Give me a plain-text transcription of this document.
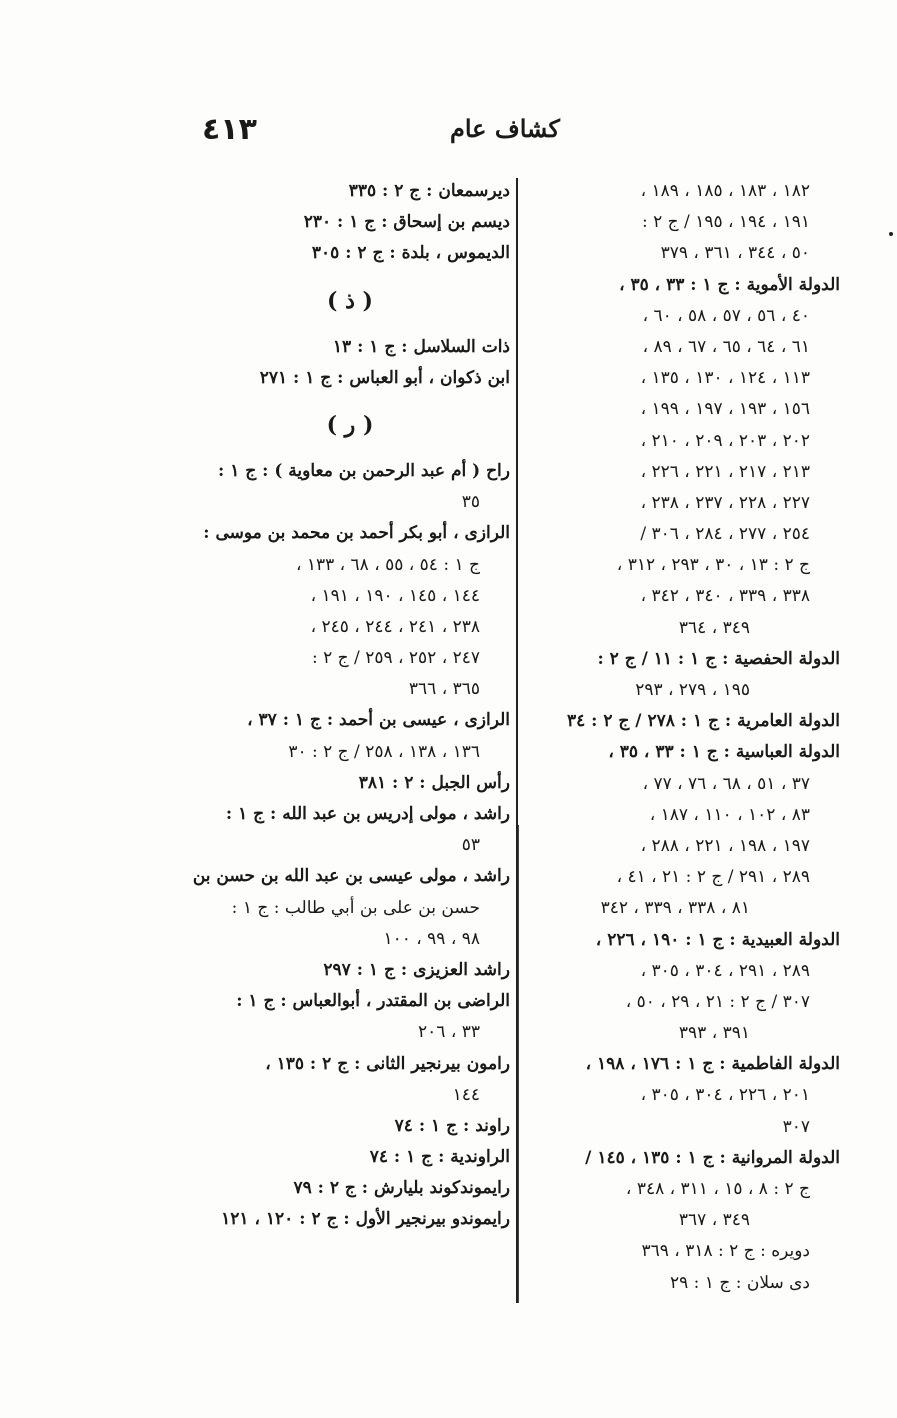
٤١٣	كشاف عام
١٨٢ ، ١٨٣ ، ١٨٥ ، ١٨٩ ،
١٩١ ، ١٩٤ ، ١٩٥ / ج ٢ :
٥٠ ، ٣٤٤ ، ٣٦١ ، ٣٧٩
الدولة الأموية : ج ١ : ٣٣ ، ٣٥ ،
٤٠ ، ٥٦ ، ٥٧ ، ٥٨ ، ٦٠ ،
٦١ ، ٦٤ ، ٦٥ ، ٦٧ ، ٨٩ ،
١١٣ ، ١٢٤ ، ١٣٠ ، ١٣٥ ،
١٥٦ ، ١٩٣ ، ١٩٧ ، ١٩٩ ،
٢٠٢ ، ٢٠٣ ، ٢٠٩ ، ٢١٠ ،
٢١٣ ، ٢١٧ ، ٢٢١ ، ٢٢٦ ،
٢٢٧ ، ٢٢٨ ، ٢٣٧ ، ٢٣٨ ،
٢٥٤ ، ٢٧٧ ، ٢٨٤ ، ٣٠٦ /
ج ٢ : ١٣ ، ٣٠ ، ٢٩٣ ، ٣١٢ ،
٣٣٨ ، ٣٣٩ ، ٣٤٠ ، ٣٤٢ ،
٣٤٩ ، ٣٦٤
الدولة الحفصية : ج ١ : ١١ / ج ٢ :
١٩٥ ، ٢٧٩ ، ٢٩٣
الدولة العامرية : ج ١ : ٢٧٨ / ج ٢ : ٣٤
الدولة العباسية : ج ١ : ٣٣ ، ٣٥ ،
٣٧ ، ٥١ ، ٦٨ ، ٧٦ ، ٧٧ ،
٨٣ ، ١٠٢ ، ١١٠ ، ١٨٧ ،
١٩٧ ، ١٩٨ ، ٢٢١ ، ٢٨٨ ،
٢٨٩ ، ٢٩١ / ج ٢ : ٢١ ، ٤١ ،
٨١ ، ٣٣٨ ، ٣٣٩ ، ٣٤٢
الدولة العبيدية : ج ١ : ١٩٠ ، ٢٢٦ ،
٢٨٩ ، ٢٩١ ، ٣٠٤ ، ٣٠٥ ،
٣٠٧ / ج ٢ : ٢١ ، ٢٩ ، ٥٠ ،
٣٩١ ، ٣٩٣
الدولة الفاطمية : ج ١ : ١٧٦ ، ١٩٨ ،
٢٠١ ، ٢٢٦ ، ٣٠٤ ، ٣٠٥ ،
٣٠٧
الدولة المروانية : ج ١ : ١٣٥ ، ١٤٥ /
ج ٢ : ٨ ، ١٥ ، ٣١١ ، ٣٤٨ ،
٣٤٩ ، ٣٦٧
دويره : ج ٢ : ٣١٨ ، ٣٦٩
دى سلان : ج ١ : ٢٩
ديرسمعان : ج ٢ : ٣٣٥
ديسم بن إسحاق : ج ١ : ٢٣٠
الديموس ، بلدة : ج ٢ : ٣٠٥
( ذ )
ذات السلاسل : ج ١ : ١٣
ابن ذكوان ، أبو العباس : ج ١ : ٢٧١
( ر )
راح ( أم عبد الرحمن بن معاوية ) : ج ١ :
٣٥
الرازى ، أبو بكر أحمد بن محمد بن موسى :
ج ١ : ٥٤ ، ٥٥ ، ٦٨ ، ١٣٣ ،
١٤٤ ، ١٤٥ ، ١٩٠ ، ١٩١ ،
٢٣٨ ، ٢٤١ ، ٢٤٤ ، ٢٤٥ ،
٢٤٧ ، ٢٥٢ ، ٢٥٩ / ج ٢ :
٣٦٥ ، ٣٦٦
الرازى ، عيسى بن أحمد : ج ١ : ٣٧ ،
١٣٦ ، ١٣٨ ، ٢٥٨ / ج ٢ : ٣٠
رأس الجبل : ٢ : ٣٨١
راشد ، مولى إدريس بن عبد الله : ج ١ :
٥٣
راشد ، مولى عيسى بن عبد الله بن حسن بن
حسن بن على بن أبي طالب : ج ١ :
٩٨ ، ٩٩ ، ١٠٠
راشد العزيزى : ج ١ : ٢٩٧
الراضى بن المقتدر ، أبوالعباس : ج ١ :
٣٣ ، ٢٠٦
رامون بيرنجير الثانى : ج ٢ : ١٣٥ ،
١٤٤
راوند : ج ١ : ٧٤
الراوندية : ج ١ : ٧٤
رايموندكوند بليارش : ج ٢ : ٧٩
رايموندو بيرنجير الأول : ج ٢ : ١٢٠ ، ١٢١
